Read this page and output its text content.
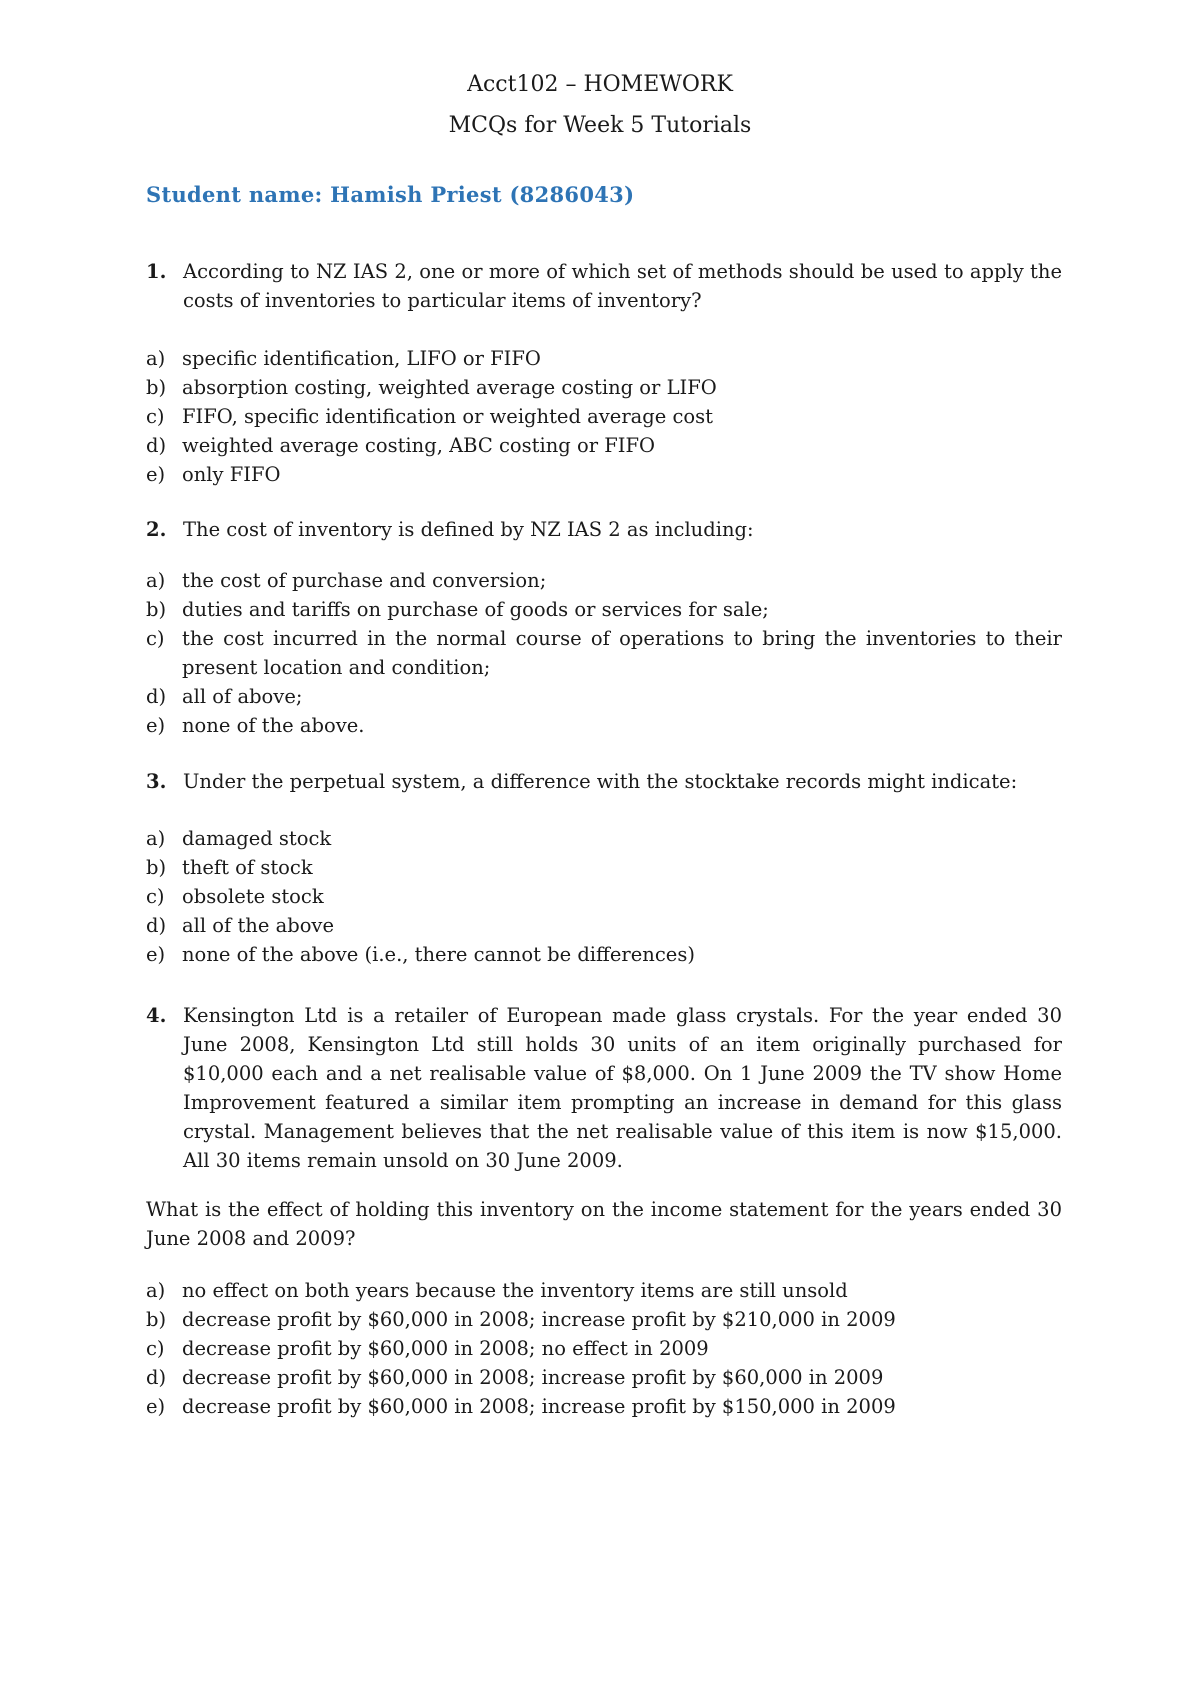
Acct102 – HOMEWORK
MCQs for Week 5 Tutorials
Student name: Hamish Priest (8286043)
1. According to NZ IAS 2, one or more of which set of methods should be used to apply the costs of inventories to particular items of inventory?
a) specific identification, LIFO or FIFO
b) absorption costing, weighted average costing or LIFO
c) FIFO, specific identification or weighted average cost
d) weighted average costing, ABC costing or FIFO
e) only FIFO
2. The cost of inventory is defined by NZ IAS 2 as including:
a) the cost of purchase and conversion;
b) duties and tariffs on purchase of goods or services for sale;
c) the cost incurred in the normal course of operations to bring the inventories to their present location and condition;
d) all of above;
e) none of the above.
3. Under the perpetual system, a difference with the stocktake records might indicate:
a) damaged stock
b) theft of stock
c) obsolete stock
d) all of the above
e) none of the above (i.e., there cannot be differences)
4. Kensington Ltd is a retailer of European made glass crystals. For the year ended 30 June 2008, Kensington Ltd still holds 30 units of an item originally purchased for $10,000 each and a net realisable value of $8,000. On 1 June 2009 the TV show Home Improvement featured a similar item prompting an increase in demand for this glass crystal. Management believes that the net realisable value of this item is now $15,000. All 30 items remain unsold on 30 June 2009.
What is the effect of holding this inventory on the income statement for the years ended 30 June 2008 and 2009?
a) no effect on both years because the inventory items are still unsold
b) decrease profit by $60,000 in 2008; increase profit by $210,000 in 2009
c) decrease profit by $60,000 in 2008; no effect in 2009
d) decrease profit by $60,000 in 2008; increase profit by $60,000 in 2009
e) decrease profit by $60,000 in 2008; increase profit by $150,000 in 2009
